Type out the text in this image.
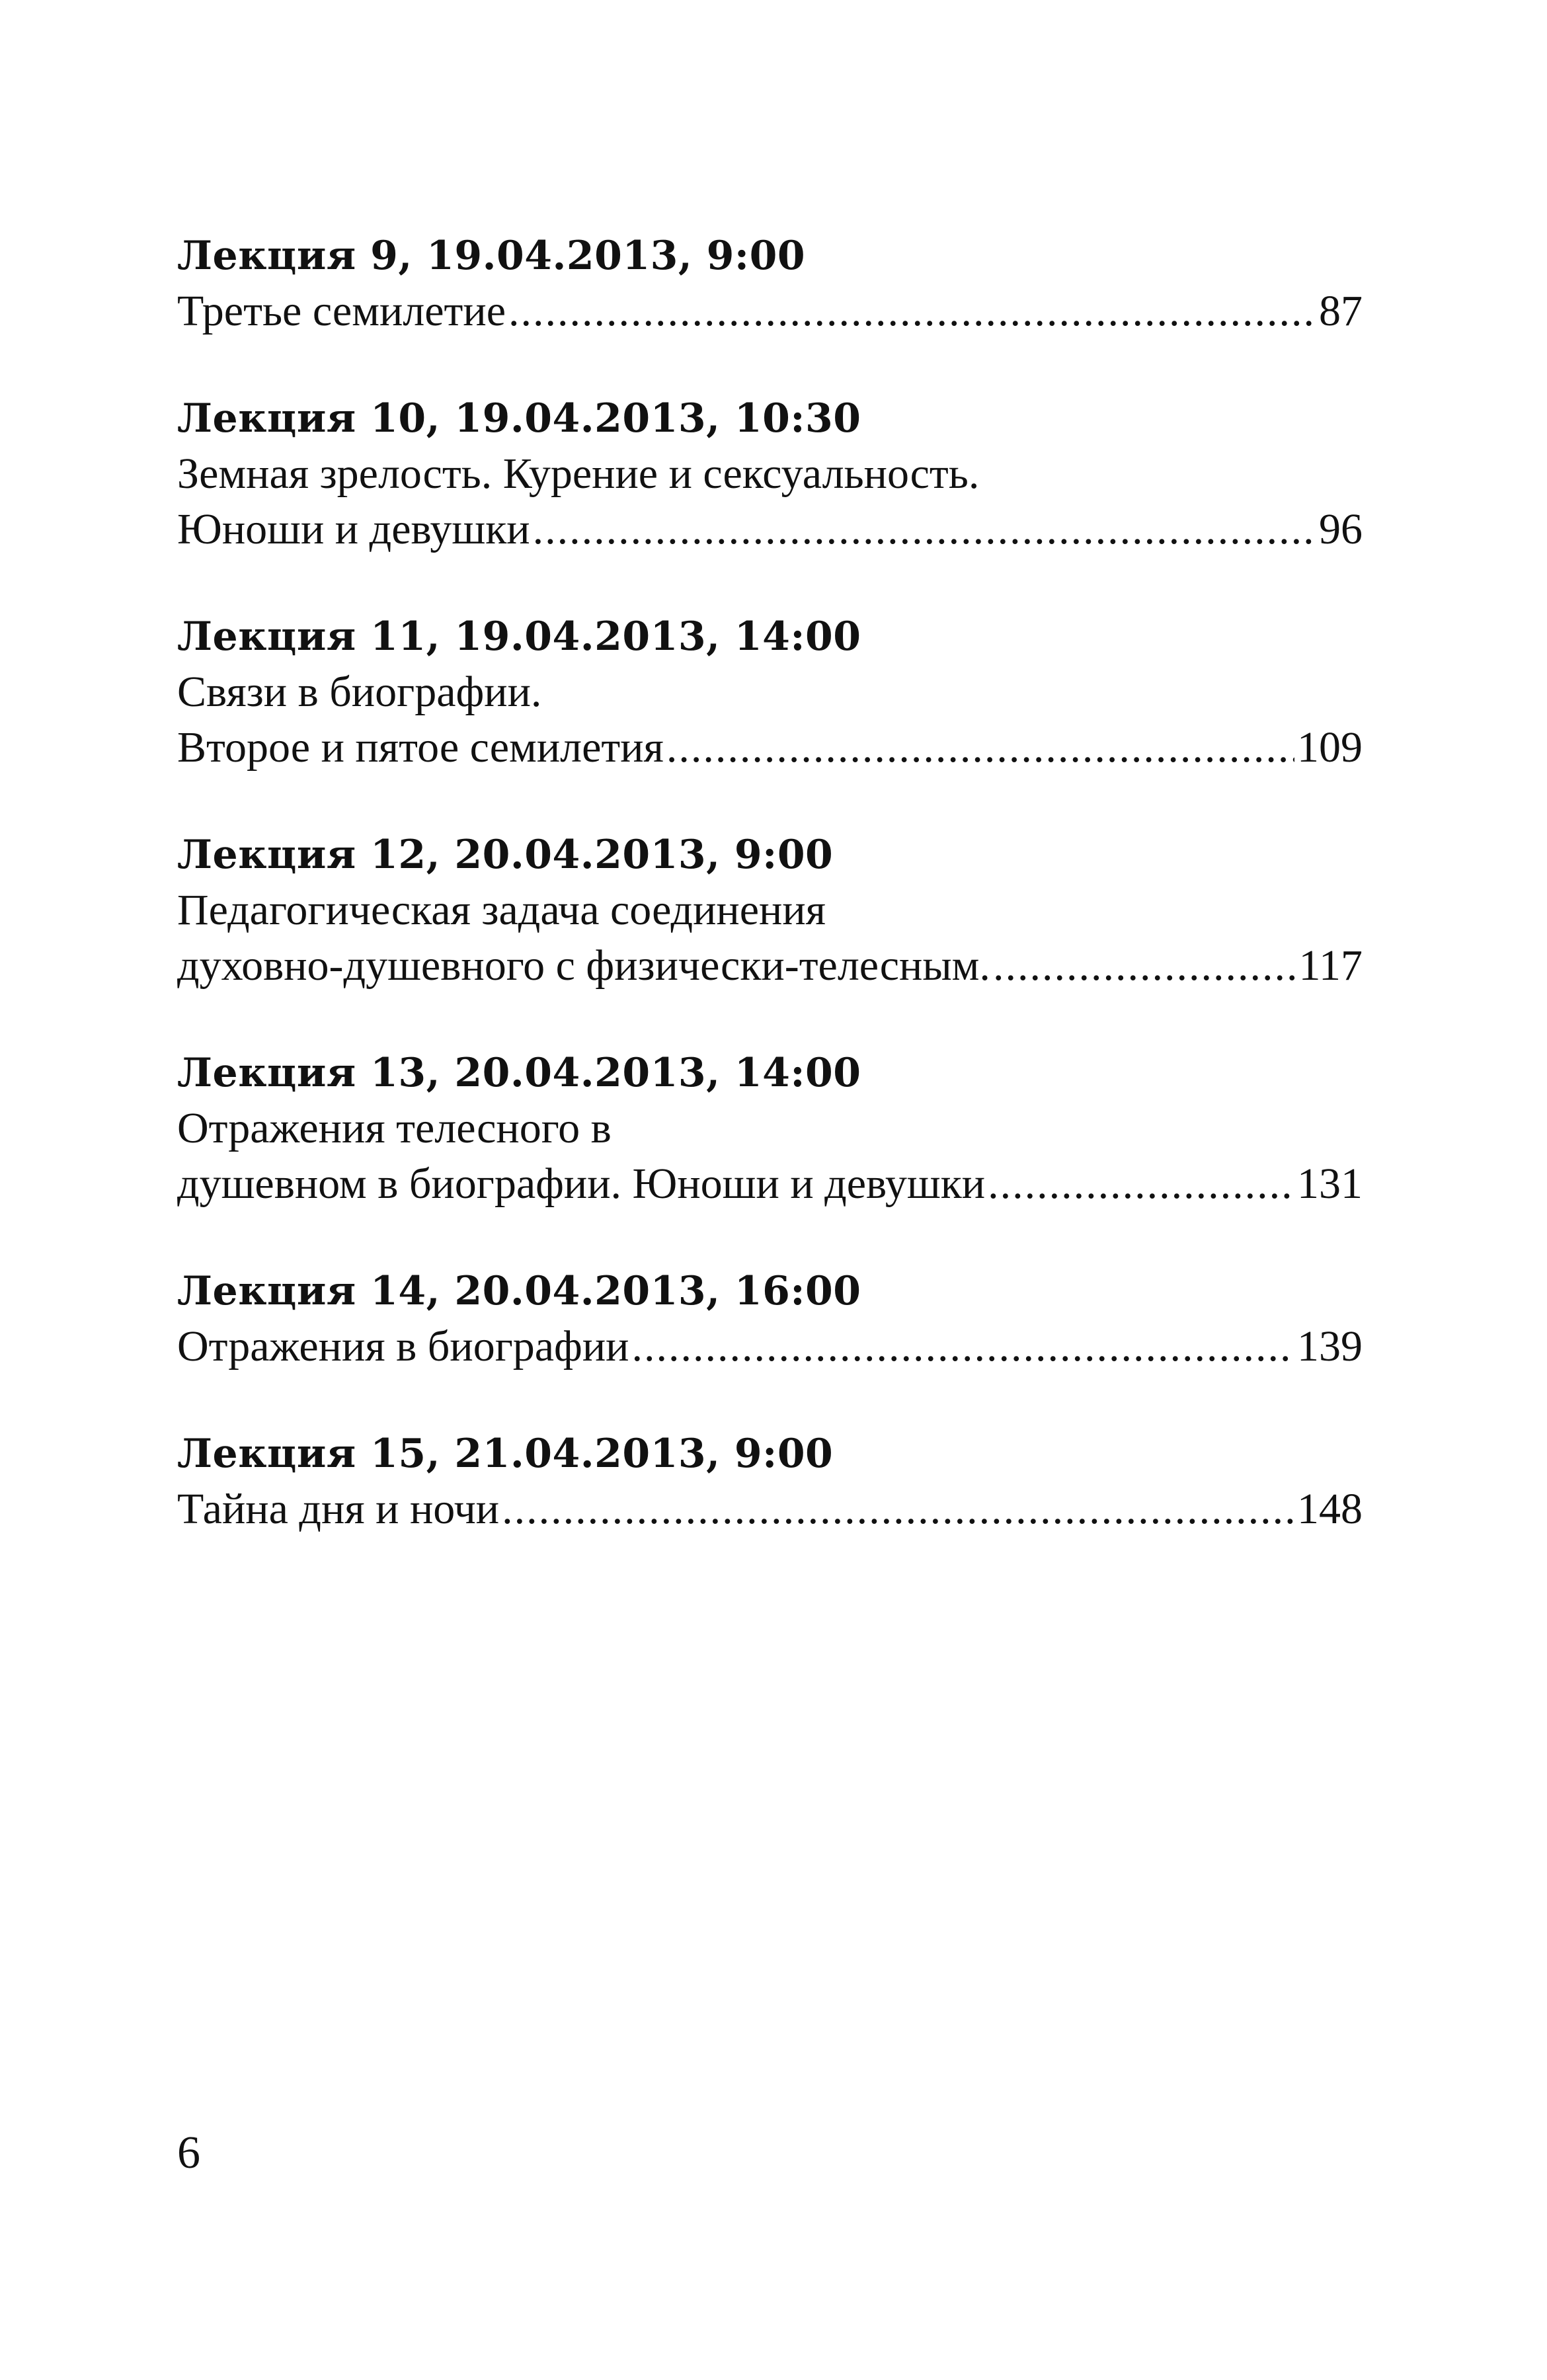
Лекция 9, 19.04.2013, 9:00
Третье семилетие .....	87
Лекция 10, 19.04.2013, 10:30
Земная зрелость. Курение и сексуальность.
Юноши и девушки .....	96
Лекция 11, 19.04.2013, 14:00
Связи в биографии.
Второе и пятое семилетия .....	109
Лекция 12, 20.04.2013, 9:00
Педагогическая задача соединения
духовно-душевного с физически-телесным. .....	117
Лекция 13, 20.04.2013, 14:00
Отражения телесного в
душевном в биографии. Юноши и девушки .....	131
Лекция 14, 20.04.2013, 16:00
Отражения в биографии .....	139
Лекция 15, 21.04.2013, 9:00
Тайна дня и ночи .....	148
6
